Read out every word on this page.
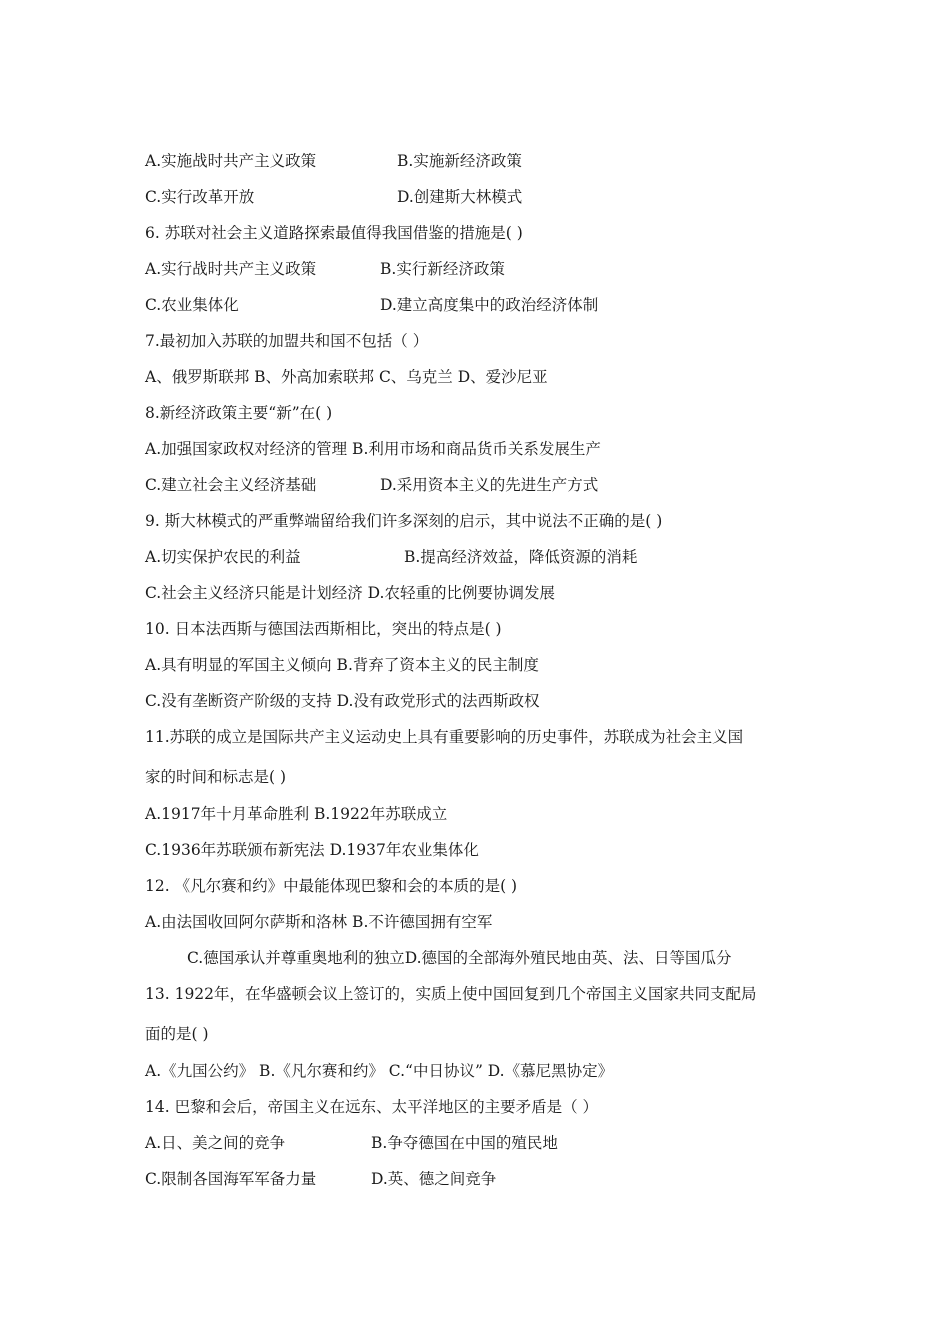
A.实施战时共产主义政策	B.实施新经济政策
C.实行改革开放	D.创建斯大林模式
6. 苏联对社会主义道路探索最值得我国借鉴的措施是( )
A.实行战时共产主义政策	B.实行新经济政策
C.农业集体化	D.建立高度集中的政治经济体制
7.最初加入苏联的加盟共和国不包括（ ）
A、俄罗斯联邦 B、外高加索联邦 C、乌克兰 D、爱沙尼亚
8.新经济政策主要“新”在( )
A.加强国家政权对经济的管理 B.利用市场和商品货币关系发展生产
C.建立社会主义经济基础	D.采用资本主义的先进生产方式
9. 斯大林模式的严重弊端留给我们许多深刻的启示，其中说法不正确的是( )
A.切实保护农民的利益	B.提高经济效益，降低资源的消耗
C.社会主义经济只能是计划经济 D.农轻重的比例要协调发展
10. 日本法西斯与德国法西斯相比，突出的特点是( )
A.具有明显的军国主义倾向 B.背弃了资本主义的民主制度
C.没有垄断资产阶级的支持 D.没有政党形式的法西斯政权
11.苏联的成立是国际共产主义运动史上具有重要影响的历史事件，苏联成为社会主义国
家的时间和标志是( )
A.1917年十月革命胜利 B.1922年苏联成立
C.1936年苏联颁布新宪法 D.1937年农业集体化
12. 《凡尔赛和约》中最能体现巴黎和会的本质的是( )
A.由法国收回阿尔萨斯和洛林 B.不许德国拥有空军
C.德国承认并尊重奥地利的独立D.德国的全部海外殖民地由英、法、日等国瓜分
13. 1922年，在华盛顿会议上签订的，实质上使中国回复到几个帝国主义国家共同支配局
面的是( )
A.《九国公约》 B.《凡尔赛和约》 C.“中日协议” D.《慕尼黑协定》
14. 巴黎和会后，帝国主义在远东、太平洋地区的主要矛盾是（ ）
A.日、美之间的竞争	B.争夺德国在中国的殖民地
C.限制各国海军军备力量	D.英、德之间竞争
